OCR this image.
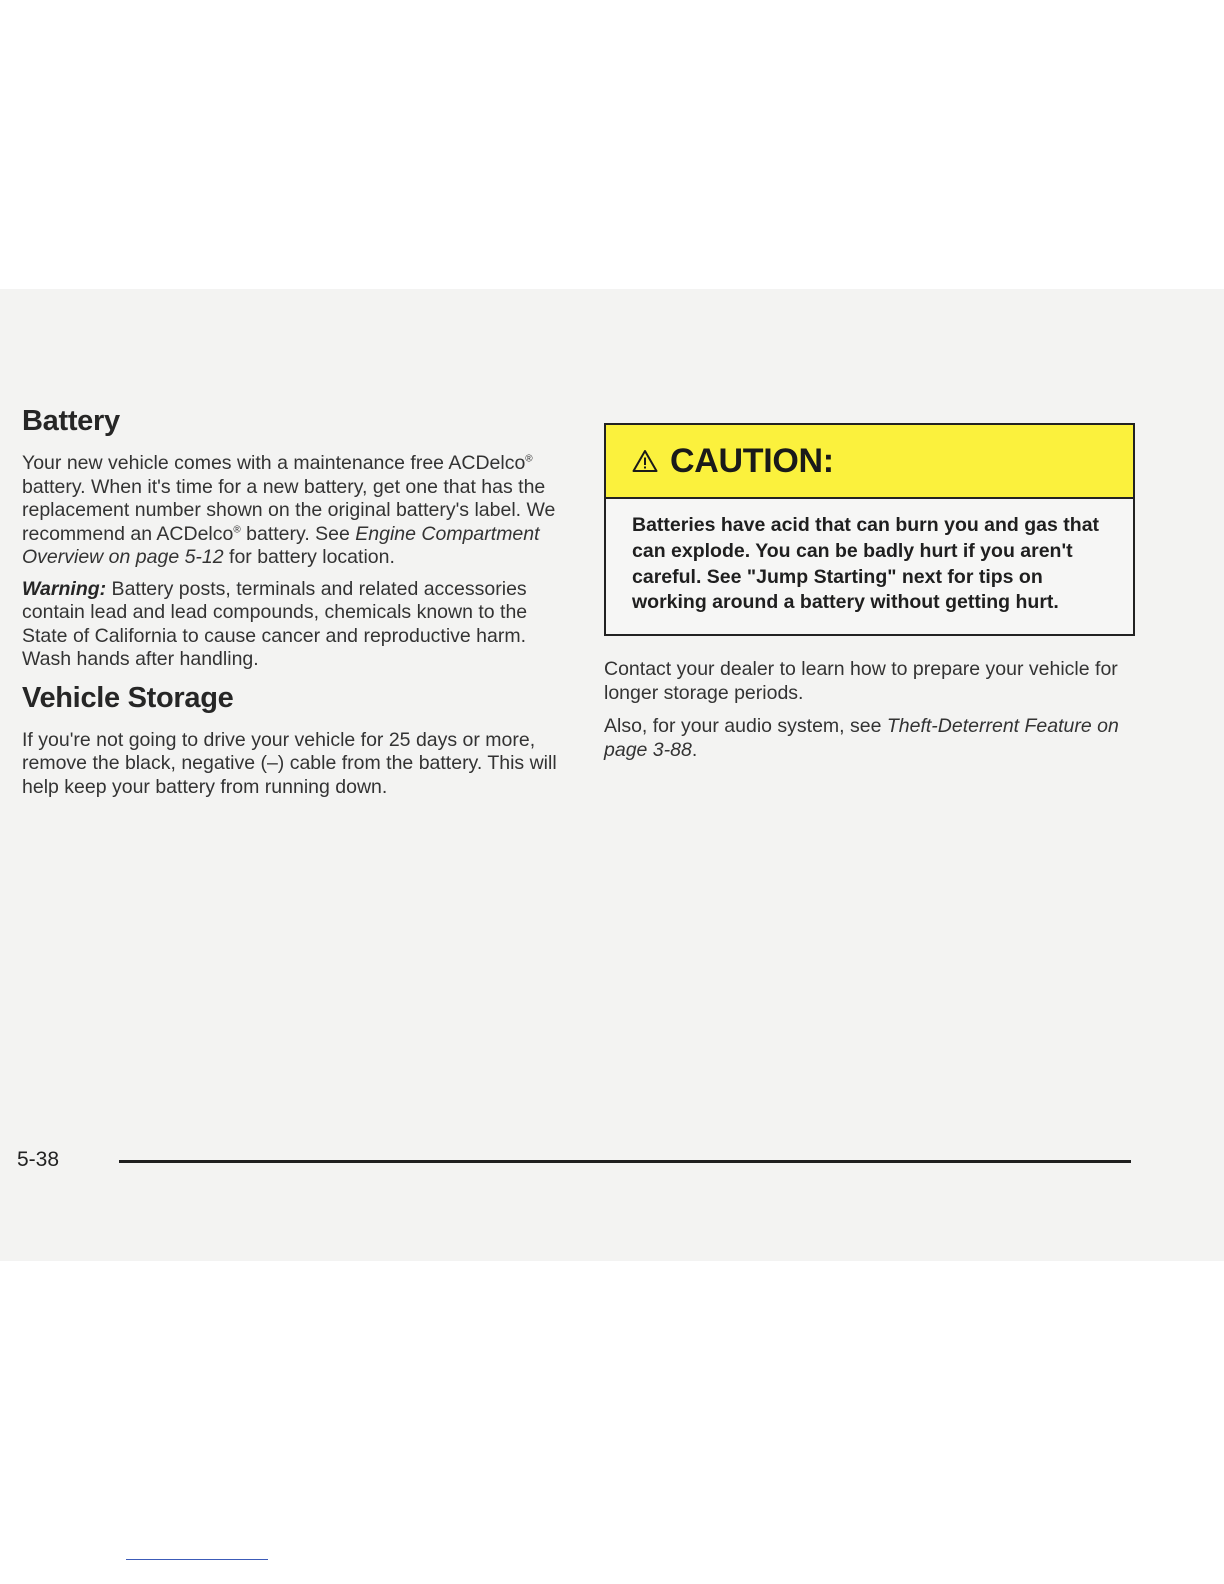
Battery

Your new vehicle comes with a maintenance free ACDelco® battery. When it's time for a new battery, get one that has the replacement number shown on the original battery's label. We recommend an ACDelco® battery. See Engine Compartment Overview on page 5-12 for battery location.

Warning: Battery posts, terminals and related accessories contain lead and lead compounds, chemicals known to the State of California to cause cancer and reproductive harm. Wash hands after handling.

Vehicle Storage

If you're not going to drive your vehicle for 25 days or more, remove the black, negative (–) cable from the battery. This will help keep your battery from running down.

CAUTION:
Batteries have acid that can burn you and gas that can explode. You can be badly hurt if you aren't careful. See "Jump Starting" next for tips on working around a battery without getting hurt.

Contact your dealer to learn how to prepare your vehicle for longer storage periods.

Also, for your audio system, see Theft-Deterrent Feature on page 3-88.

5-38
